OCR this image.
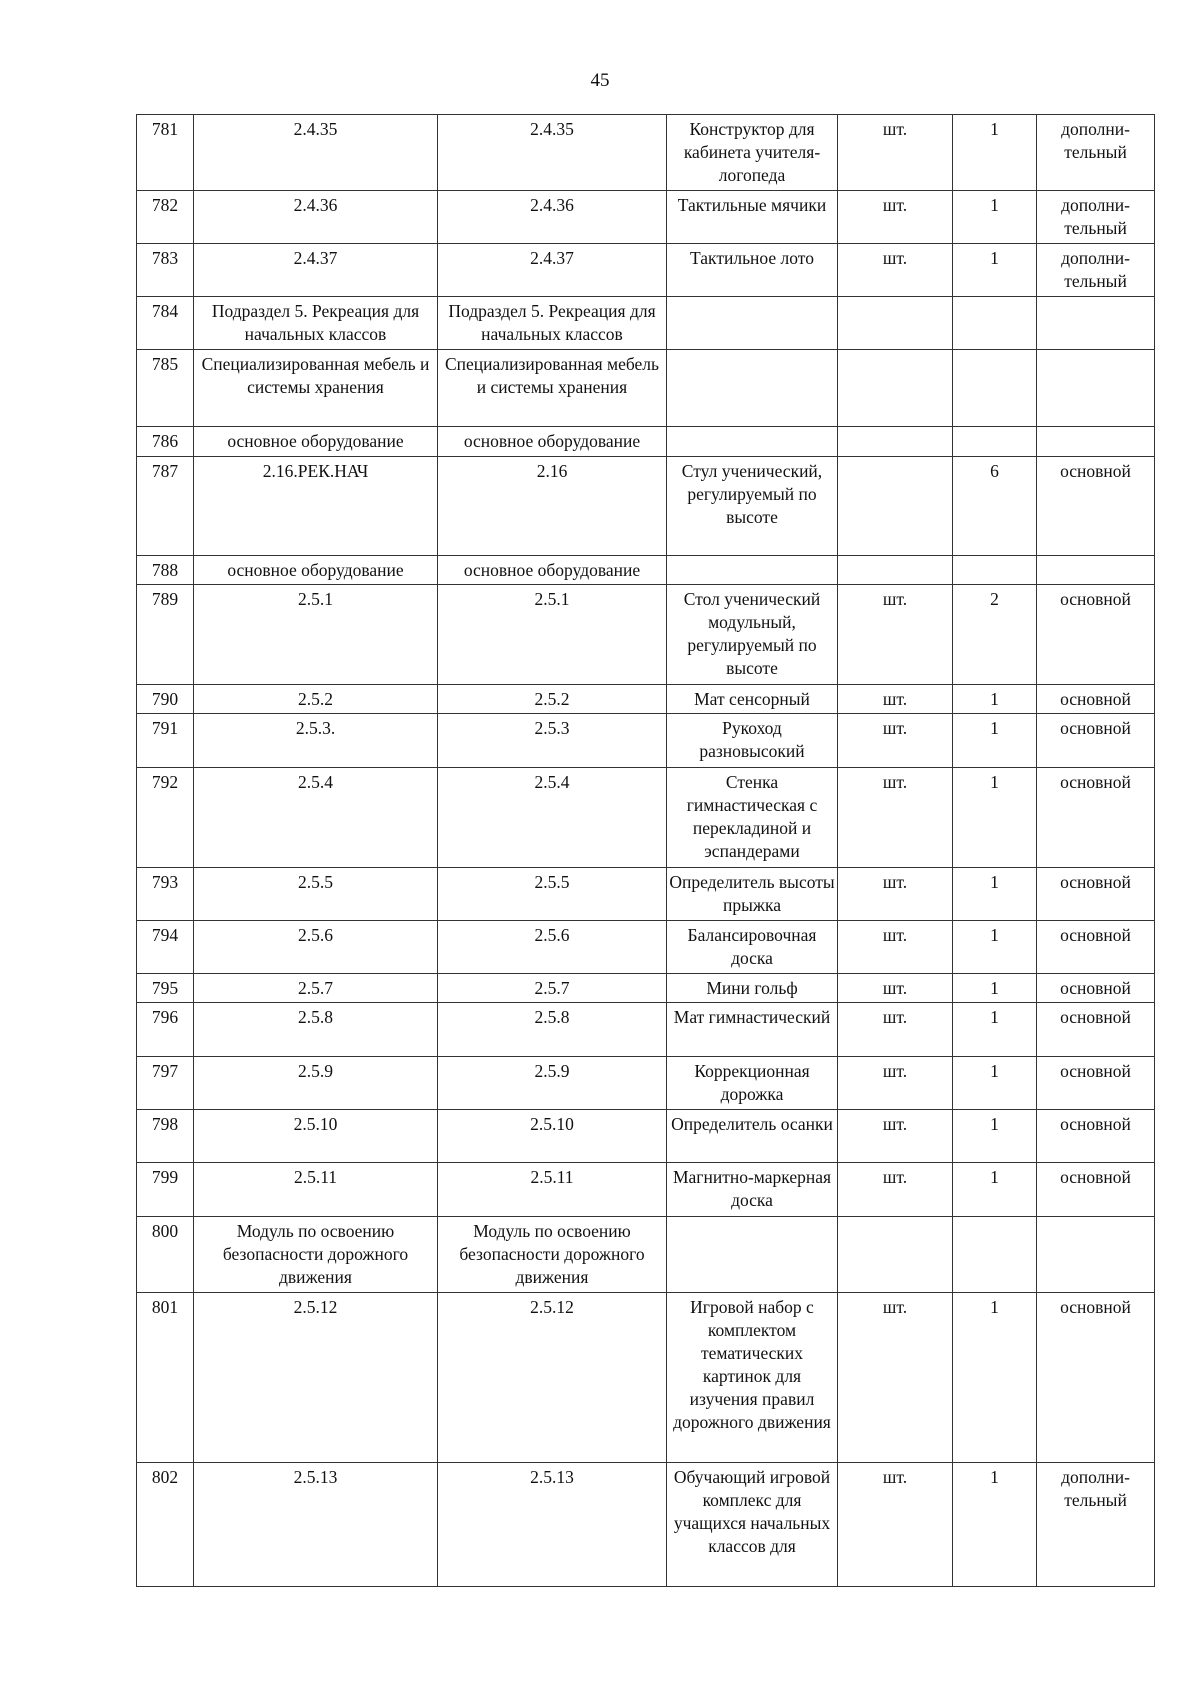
45
781	2.4.35	2.4.35	Конструктор для кабинета учителя-логопеда	шт.	1	дополни-тельный
782	2.4.36	2.4.36	Тактильные мячики	шт.	1	дополни-тельный
783	2.4.37	2.4.37	Тактильное лото	шт.	1	дополни-тельный
784	Подраздел 5. Рекреация для начальных классов	Подраздел 5. Рекреация для начальных классов				
785	Специализированная мебель и системы хранения	Специализированная мебель и системы хранения				
786	основное оборудование	основное оборудование				
787	2.16.РЕК.НАЧ	2.16	Стул ученический, регулируемый по высоте		6	основной
788	основное оборудование	основное оборудование				
789	2.5.1	2.5.1	Стол ученический модульный, регулируемый по высоте	шт.	2	основной
790	2.5.2	2.5.2	Мат сенсорный	шт.	1	основной
791	2.5.3.	2.5.3	Рукоход разновысокий	шт.	1	основной
792	2.5.4	2.5.4	Стенка гимнастическая с перекладиной и эспандерами	шт.	1	основной
793	2.5.5	2.5.5	Определитель высоты прыжка	шт.	1	основной
794	2.5.6	2.5.6	Балансировочная доска	шт.	1	основной
795	2.5.7	2.5.7	Мини гольф	шт.	1	основной
796	2.5.8	2.5.8	Мат гимнастический	шт.	1	основной
797	2.5.9	2.5.9	Коррекционная дорожка	шт.	1	основной
798	2.5.10	2.5.10	Определитель осанки	шт.	1	основной
799	2.5.11	2.5.11	Магнитно-маркерная доска	шт.	1	основной
800	Модуль по освоению безопасности дорожного движения	Модуль по освоению безопасности дорожного движения				
801	2.5.12	2.5.12	Игровой набор с комплектом тематических картинок для изучения правил дорожного движения	шт.	1	основной
802	2.5.13	2.5.13	Обучающий игровой комплекс для учащихся начальных классов для	шт.	1	дополни-тельный
